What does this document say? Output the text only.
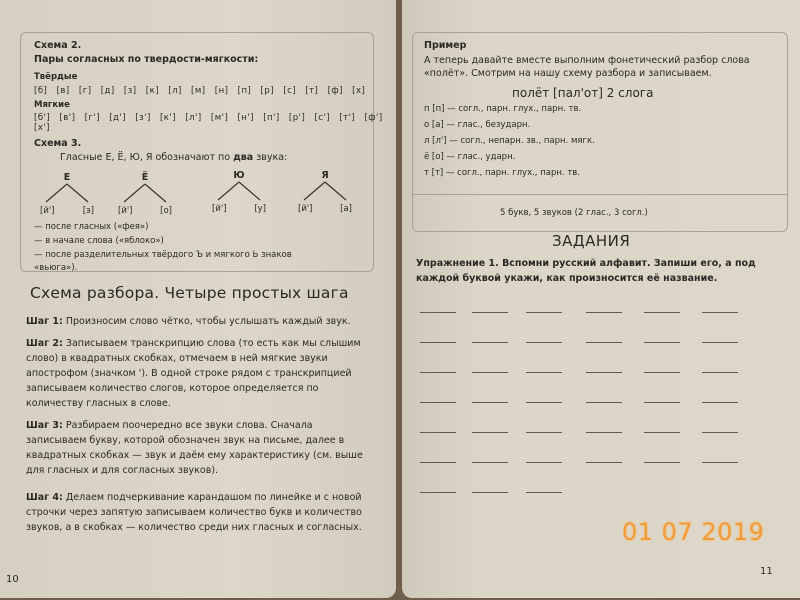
Схема 2.
Пары согласных по твердости-мягкости:
Твёрдые
[б] [в] [г] [д] [з] [к] [л] [м] [н] [п] [р] [с] [т] [ф] [х]
Мягкие
[б'] [в'] [г'] [д'] [з'] [к'] [л'] [м'] [н'] [п'] [р'] [с'] [т'] [ф'] [х']
Схема 3.
Гласные Е, Ё, Ю, Я обозначают по два звука:
Е
[й']	[э]
Ё
[й']	[о]
Ю
[й']	[у]
Я
[й']	[а]
— после гласных («фея»)
— в начале слова («яблоко»)
— после разделительных твёрдого Ъ и мягкого Ь знаков
«вьюга»).
Схема разбора. Четыре простых шага

Шаг 1: Произносим слово чётко, чтобы услышать каждый звук.

Шаг 2: Записываем транскрипцию слова (то есть как мы слышим слово) в квадратных скобках, отмечаем в ней мягкие звуки апострофом (значком '). В одной строке рядом с транскрипцией записываем количество слогов, которое определяется по количеству гласных в слове.

Шаг 3: Разбираем поочередно все звуки слова. Сначала записываем букву, которой обозначен звук на письме, далее в квадратных скобках — звук и даём ему характеристику (см. выше для гласных и для согласных звуков).

Шаг 4: Делаем подчеркивание карандашом по линейке и с новой строчки через запятую записываем количество букв и количество звуков, а в скобках — количество среди них гласных и согласных.

10
Пример
А теперь давайте вместе выполним фонетический разбор слова «полёт». Смотрим на нашу схему разбора и записываем.
полёт [пал'от] 2 слога
п [п] — согл., парн. глух., парн. тв.
о [а] — глас., безударн.
л [л'] — согл., непарн. зв., парн. мягк.
ё [о] — глас., ударн.
т [т] — согл., парн. глух., парн. тв.
5 букв, 5 звуков (2 глас., 3 согл.)
ЗАДАНИЯ
Упражнение 1. Вспомни русский алфавит. Запиши его, а под каждой буквой укажи, как произносится её название.
11
01 07 2019
